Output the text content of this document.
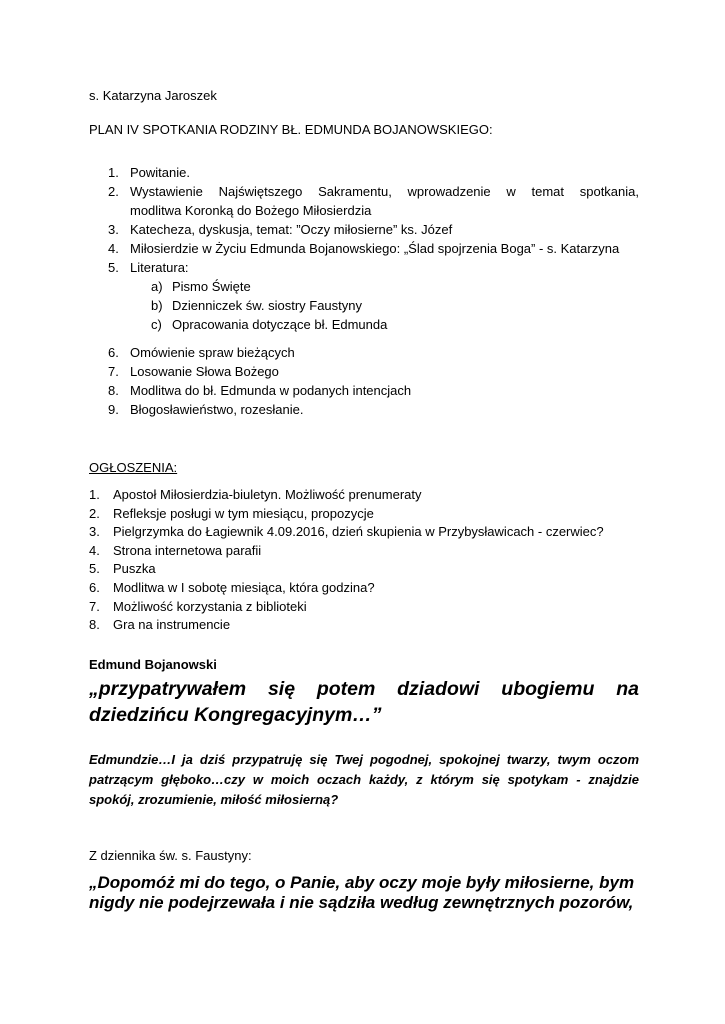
s. Katarzyna Jaroszek
PLAN IV SPOTKANIA RODZINY BŁ. EDMUNDA BOJANOWSKIEGO:
1. Powitanie.
2. Wystawienie Najświętszego Sakramentu, wprowadzenie w temat spotkania,
modlitwa Koronką do Bożego Miłosierdzia
3. Katecheza, dyskusja, temat: ”Oczy miłosierne” ks. Józef
4. Miłosierdzie w Życiu Edmunda Bojanowskiego: „Ślad spojrzenia Boga” - s. Katarzyna
5. Literatura:
a) Pismo Święte
b) Dzienniczek św. siostry Faustyny
c) Opracowania dotyczące bł. Edmunda
6. Omówienie spraw bieżących
7. Losowanie Słowa Bożego
8. Modlitwa do bł. Edmunda w podanych intencjach
9. Błogosławieństwo, rozesłanie.
OGŁOSZENIA:
1. Apostoł Miłosierdzia-biuletyn. Możliwość prenumeraty
2. Refleksje posługi w tym miesiącu, propozycje
3. Pielgrzymka do Łagiewnik 4.09.2016, dzień skupienia w Przybysławicach - czerwiec?
4. Strona internetowa parafii
5. Puszka
6. Modlitwa w I sobotę miesiąca, która godzina?
7. Możliwość korzystania z biblioteki
8. Gra na instrumencie
Edmund Bojanowski
„przypatrywałem się potem dziadowi ubogiemu na dziedzińcu Kongregacyjnym…”
Edmundzie…I ja dziś przypatruję się Twej pogodnej, spokojnej twarzy, twym oczom patrzącym głęboko…czy w moich oczach każdy, z którym się spotykam - znajdzie spokój, zrozumienie, miłość miłosierną?
Z dziennika św. s. Faustyny:
„Dopomóż mi do tego, o Panie, aby oczy moje były miłosierne, bym
nigdy nie podejrzewała i nie sądziła według zewnętrznych pozorów,
